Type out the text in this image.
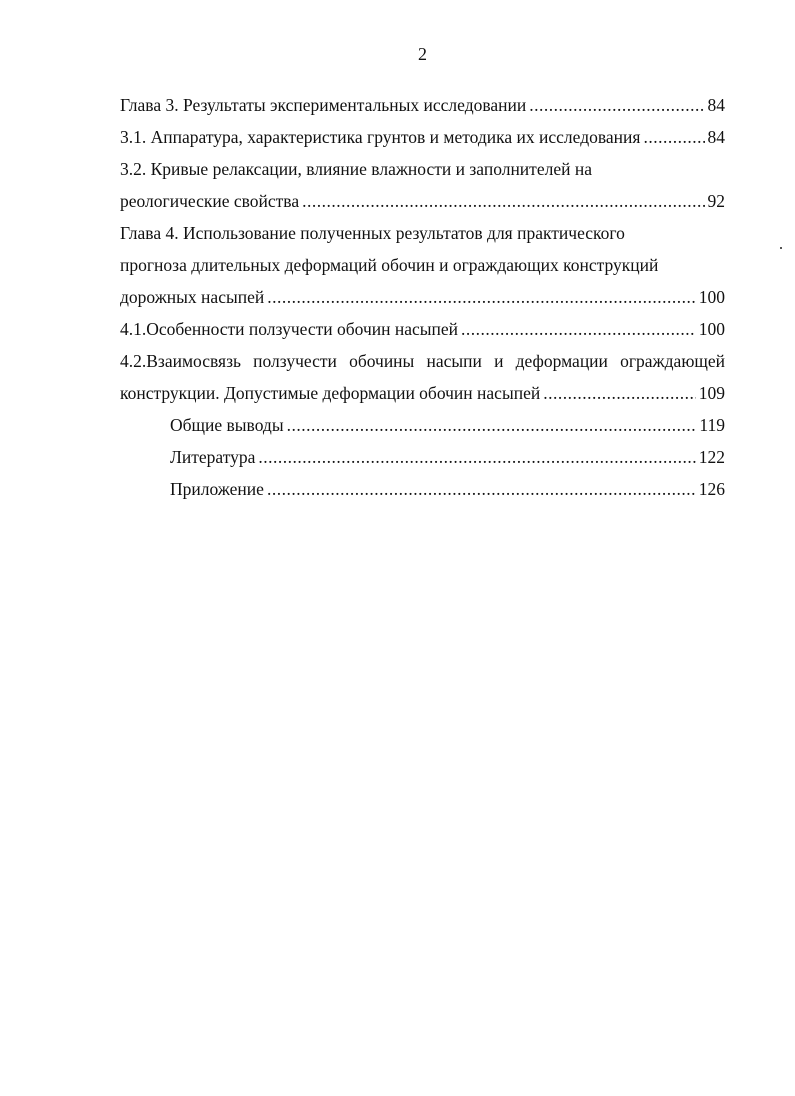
2
Глава 3. Результаты экспериментальных исследовании .....	84
3.1. Аппаратура, характеристика грунтов и методика их исследования .....	84
3.2. Кривые релаксации, влияние влажности и заполнителей на
реологические свойства .....	92
Глава 4. Использование полученных результатов для практического
прогноза длительных деформаций обочин и ограждающих конструкций
дорожных насыпей .....	100
4.1.Особенности ползучести обочин насыпей .....	100
4.2.Взаимосвязь ползучести обочины насыпи и деформации ограждающей
конструкции. Допустимые деформации обочин насыпей .....	109
Общие выводы .....	119
Литература .....	122
Приложение .....	126
